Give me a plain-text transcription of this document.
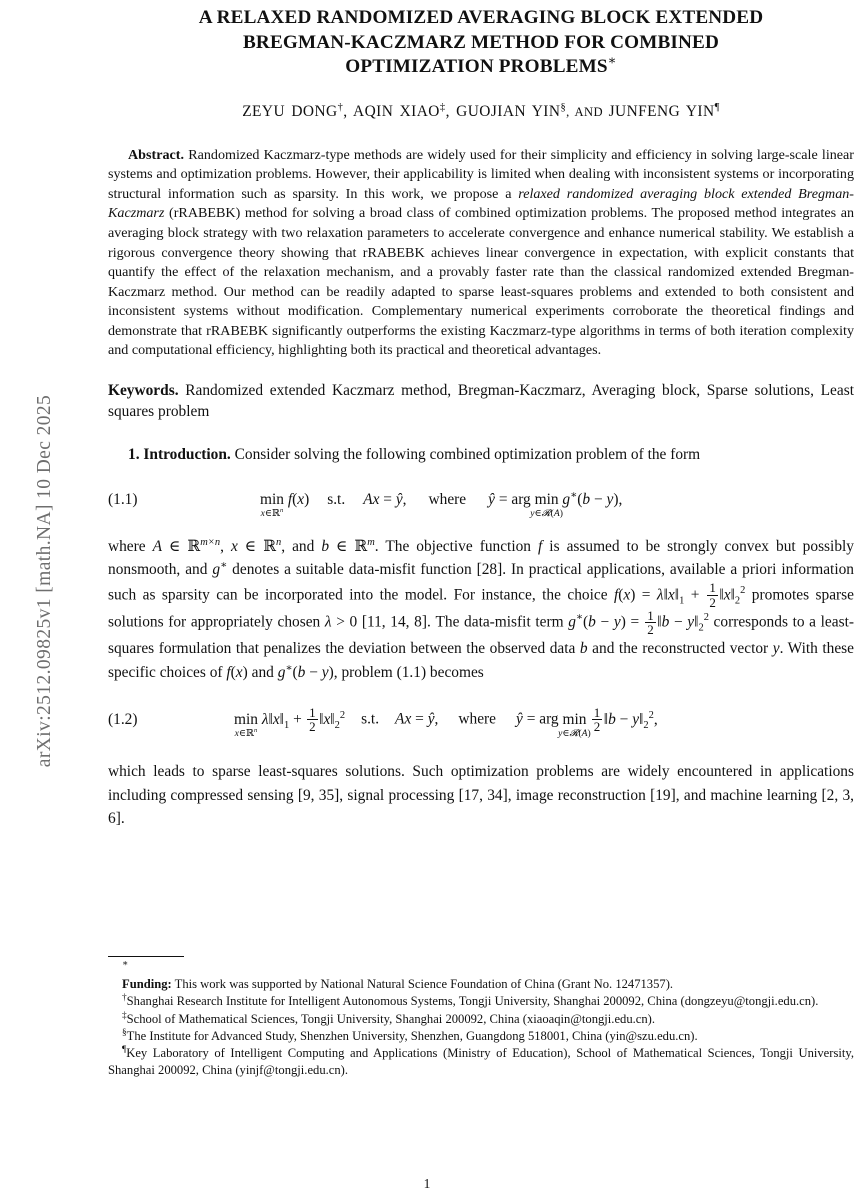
arXiv:2512.09825v1 [math.NA] 10 Dec 2025
A RELAXED RANDOMIZED AVERAGING BLOCK EXTENDED
BREGMAN-KACZMARZ METHOD FOR COMBINED
OPTIMIZATION PROBLEMS∗
ZEYU DONG†, AQIN XIAO‡, GUOJIAN YIN§, AND JUNFENG YIN¶

Abstract. Randomized Kaczmarz-type methods are widely used for their simplicity and efficiency in solving large-scale linear systems and optimization problems. However, their applicability is limited when dealing with inconsistent systems or incorporating structural information such as sparsity. In this work, we propose a relaxed randomized averaging block extended Bregman-Kaczmarz (rRABEBK) method for solving a broad class of combined optimization problems. The proposed method integrates an averaging block strategy with two relaxation parameters to accelerate convergence and enhance numerical stability. We establish a rigorous convergence theory showing that rRABEBK achieves linear convergence in expectation, with explicit constants that quantify the effect of the relaxation mechanism, and a provably faster rate than the classical randomized extended Bregman-Kaczmarz method. Our method can be readily adapted to sparse least-squares problems and extended to both consistent and inconsistent systems without modification. Complementary numerical experiments corroborate the theoretical findings and demonstrate that rRABEBK significantly outperforms the existing Kaczmarz-type algorithms in terms of both iteration complexity and computational efficiency, highlighting both its practical and theoretical advantages.

Keywords. Randomized extended Kaczmarz method, Bregman-Kaczmarz, Averaging block, Sparse solutions, Least squares problem

1. Introduction. Consider solving the following combined optimization problem of the form

(1.1)	min
x∈ℝ$^n$
f(x) s.t. Ax = ŷ, where ŷ = arg min
y∈𝓡(A)
g∗(b − y),

where A ∈ ℝ$^{m\times n}$, x ∈ ℝ$^n$, and b ∈ ℝ$^m$. The objective function f is assumed to be strongly convex but possibly nonsmooth, and g∗ denotes a suitable data-misfit function [28]. In practical applications, available a priori information such as sparsity can be incorporated into the model. For instance, the choice $f(x) = \lambda‖x‖_1 + \frac{1}{2}$ $‖x‖_2^2$ promotes sparse solutions for appropriately chosen λ > 0 [11, 14, 8]. The data-misfit term $g^∗(b - y) = \frac{1}{2}$ ‖b − $y‖_2^2$ corresponds to a least-squares formulation that penalizes the deviation between the observed data b and the reconstructed vector y. With these specific choices of f(x) and g∗(b − y), problem (1.1) becomes

(1.2)	min
x∈ℝ$^n$
$\lambda‖x‖_1 + \frac{1}{2}$ $‖x‖_2^2$ s.t. Ax = ŷ, where ŷ = arg min
y∈𝓡(A)
$\frac{1}{2}$ ‖b − $y‖_2^2$,

which leads to sparse least-squares solutions. Such optimization problems are widely encountered in applications including compressed sensing [9, 35], signal processing [17, 34], image reconstruction [19], and machine learning [2, 3, 6].

∗

Funding: This work was supported by National Natural Science Foundation of China (Grant No. 12471357).

†Shanghai Research Institute for Intelligent Autonomous Systems, Tongji University, Shanghai 200092, China (dongzeyu@tongji.edu.cn).

‡School of Mathematical Sciences, Tongji University, Shanghai 200092, China (xiaoaqin@tongji.edu.cn).

§The Institute for Advanced Study, Shenzhen University, Shenzhen, Guangdong 518001, China (yin@szu.edu.cn).

¶Key Laboratory of Intelligent Computing and Applications (Ministry of Education), School of Mathematical Sciences, Tongji University, Shanghai 200092, China (yinjf@tongji.edu.cn).

1
